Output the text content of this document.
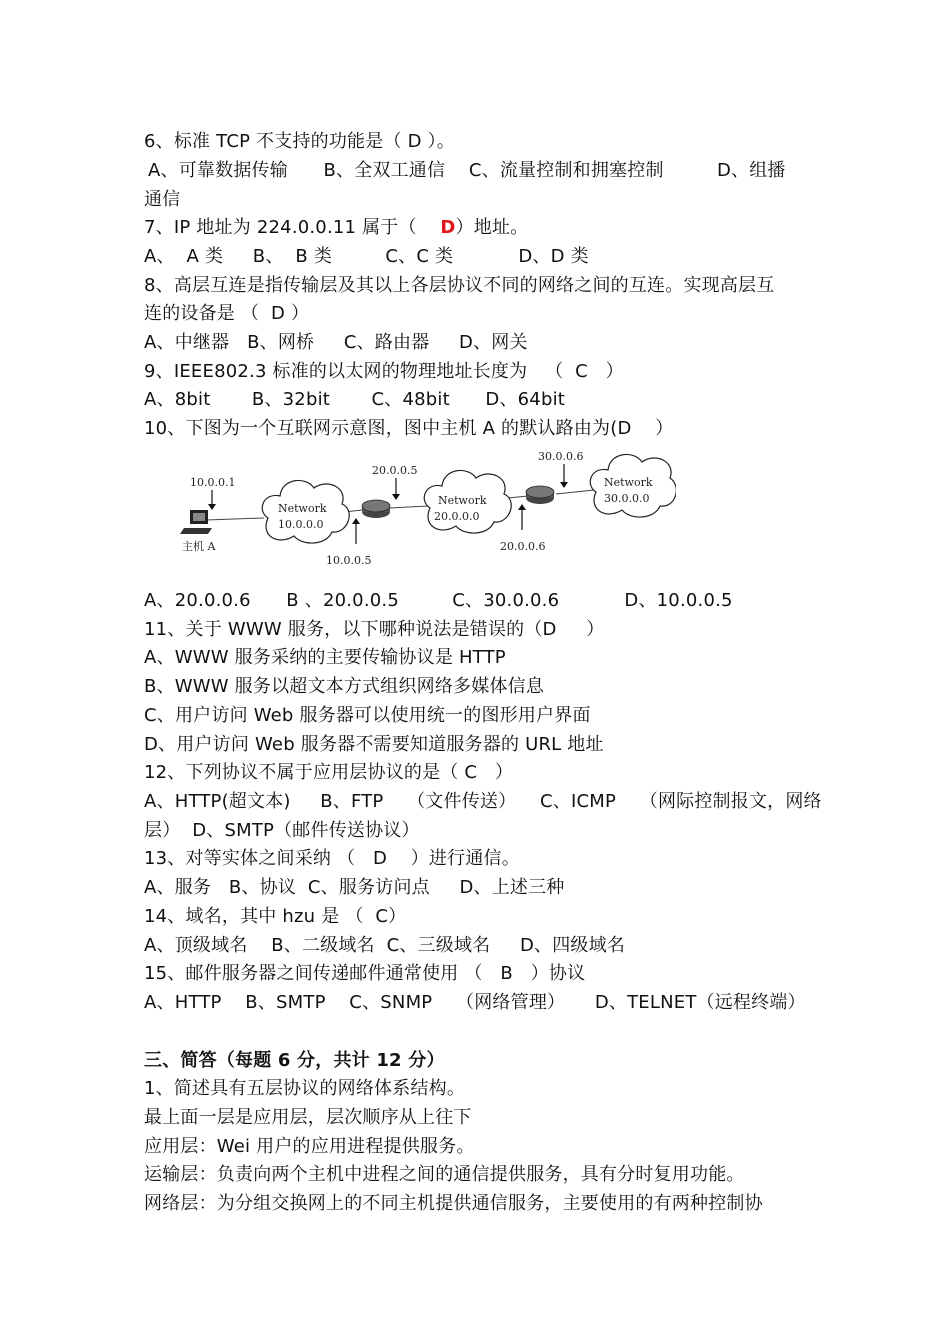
6、标准 TCP 不支持的功能是（ D ）。
A、可靠数据传输      B、全双工通信    C、流量控制和拥塞控制         D、组播
通信
7、IP 地址为 224.0.0.11 属于（    D）地址。
A、  A 类     B、  B 类         C、C 类           D、D 类
8、高层互连是指传输层及其以上各层协议不同的网络之间的互连。实现高层互
连的设备是 （  D ）
A、中继器   B、网桥     C、路由器     D、网关
9、IEEE802.3 标准的以太网的物理地址长度为   （  C   ）
A、8bit       B、32bit       C、48bit      D、64bit
10、下图为一个互联网示意图，图中主机 A 的默认路由为(D    ）
10.0.0.1
主机 A
Network
10.0.0.0
20.0.0.5
10.0.0.5
Network
20.0.0.0
30.0.0.6
20.0.0.6
Network
30.0.0.0
A、20.0.0.6      B 、20.0.0.5         C、30.0.0.6           D、10.0.0.5
11、关于 WWW 服务，以下哪种说法是错误的（D     ）
A、WWW 服务采纳的主要传输协议是 HTTP
B、WWW 服务以超文本方式组织网络多媒体信息
C、用户访问 Web 服务器可以使用统一的图形用户界面
D、用户访问 Web 服务器不需要知道服务器的 URL 地址
12、下列协议不属于应用层协议的是（ C   ）
A、HTTP(超文本)     B、FTP    （文件传送）    C、ICMP    （网际控制报文，网络
层）  D、SMTP（邮件传送协议）
13、对等实体之间采纳 （   D    ）进行通信。
A、服务   B、协议  C、服务访问点     D、上述三种
14、域名，其中 hzu 是 （  C）
A、顶级域名    B、二级域名  C、三级域名     D、四级域名
15、邮件服务器之间传递邮件通常使用 （   B   ）协议
A、HTTP    B、SMTP    C、SNMP    （网络管理）     D、TELNET（远程终端）
三、简答（每题 6 分，共计 12 分）
1、简述具有五层协议的网络体系结构。
最上面一层是应用层，层次顺序从上往下
应用层：Wei 用户的应用进程提供服务。
运输层：负责向两个主机中进程之间的通信提供服务，具有分时复用功能。
网络层：为分组交换网上的不同主机提供通信服务，主要使用的有两种控制协
